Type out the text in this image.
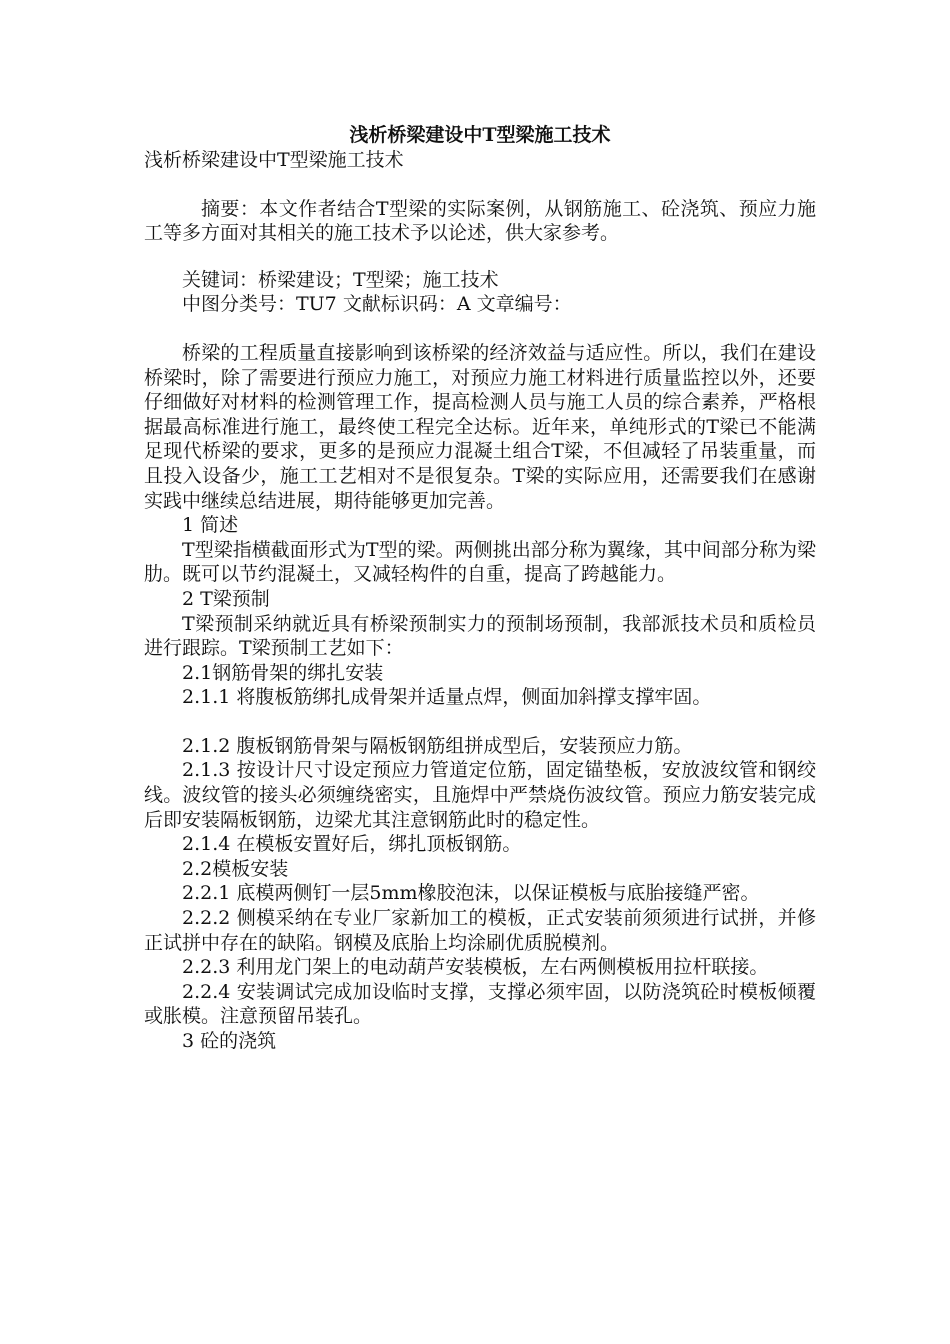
浅析桥梁建设中T型梁施工技术

浅析桥梁建设中T型梁施工技术

摘要：本文作者结合T型梁的实际案例，从钢筋施工、砼浇筑、预应力施工等多方面对其相关的施工技术予以论述，供大家参考。

关键词：桥梁建设；T型梁；施工技术

中图分类号：TU7 文献标识码：A 文章编号：

桥梁的工程质量直接影响到该桥梁的经济效益与适应性。所以，我们在建设桥梁时，除了需要进行预应力施工，对预应力施工材料进行质量监控以外，还要仔细做好对材料的检测管理工作，提高检测人员与施工人员的综合素养，严格根据最高标准进行施工，最终使工程完全达标。近年来，单纯形式的T梁已不能满足现代桥梁的要求，更多的是预应力混凝土组合T梁，不但减轻了吊装重量，而且投入设备少，施工工艺相对不是很复杂。T梁的实际应用，还需要我们在感谢实践中继续总结进展，期待能够更加完善。

1 简述

T型梁指横截面形式为T型的梁。两侧挑出部分称为翼缘，其中间部分称为梁肋。既可以节约混凝土，又减轻构件的自重，提高了跨越能力。

2 T梁预制

T梁预制采纳就近具有桥梁预制实力的预制场预制，我部派技术员和质检员进行跟踪。T梁预制工艺如下：

2.1钢筋骨架的绑扎安装

2.1.1 将腹板筋绑扎成骨架并适量点焊，侧面加斜撑支撑牢固。

2.1.2 腹板钢筋骨架与隔板钢筋组拼成型后，安装预应力筋。

2.1.3 按设计尺寸设定预应力管道定位筋，固定锚垫板，安放波纹管和钢绞线。波纹管的接头必须缠绕密实，且施焊中严禁烧伤波纹管。预应力筋安装完成后即安装隔板钢筋，边梁尤其注意钢筋此时的稳定性。

2.1.4 在模板安置好后，绑扎顶板钢筋。

2.2模板安装

2.2.1 底模两侧钉一层5mm橡胶泡沫，以保证模板与底胎接缝严密。

2.2.2 侧模采纳在专业厂家新加工的模板，正式安装前须须进行试拼，并修正试拼中存在的缺陷。钢模及底胎上均涂刷优质脱模剂。

2.2.3 利用龙门架上的电动葫芦安装模板，左右两侧模板用拉杆联接。

2.2.4 安装调试完成加设临时支撑，支撑必须牢固，以防浇筑砼时模板倾覆或胀模。注意预留吊装孔。

3 砼的浇筑
